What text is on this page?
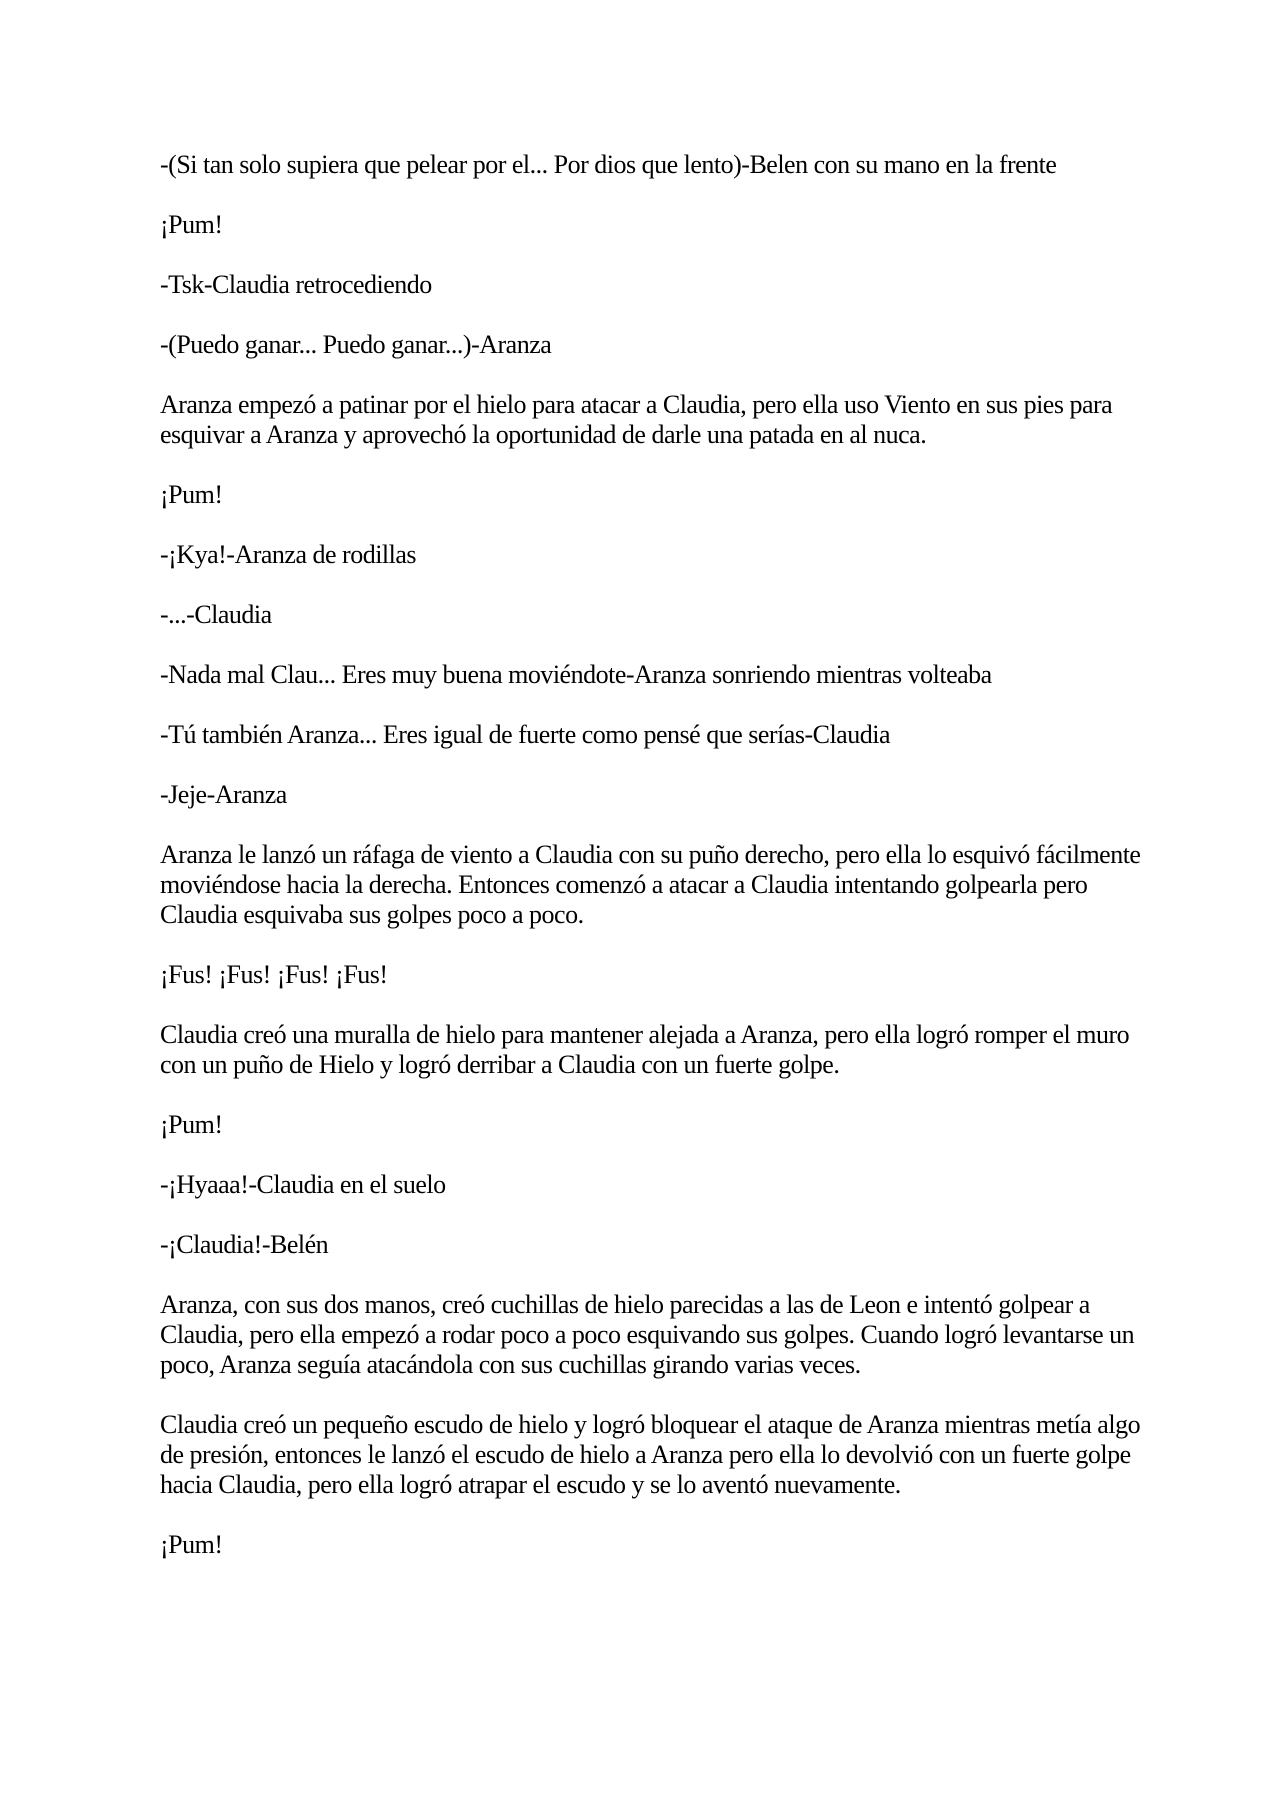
-(Si tan solo supiera que pelear por el... Por dios que lento)-Belen con su mano en la frente

¡Pum!

-Tsk-Claudia retrocediendo

-(Puedo ganar... Puedo ganar...)-Aranza

Aranza empezó a patinar por el hielo para atacar a Claudia, pero ella uso Viento en sus pies para esquivar a Aranza y aprovechó la oportunidad de darle una patada en al nuca.

¡Pum!

-¡Kya!-Aranza de rodillas

-...-Claudia

-Nada mal Clau... Eres muy buena moviéndote-Aranza sonriendo mientras volteaba

-Tú también Aranza... Eres igual de fuerte como pensé que serías-Claudia

-Jeje-Aranza

Aranza le lanzó un ráfaga de viento a Claudia con su puño derecho, pero ella lo esquivó fácilmente moviéndose hacia la derecha. Entonces comenzó a atacar a Claudia intentando golpearla pero Claudia esquivaba sus golpes poco a poco.

¡Fus! ¡Fus! ¡Fus! ¡Fus!

Claudia creó una muralla de hielo para mantener alejada a Aranza, pero ella logró romper el muro con un puño de Hielo y logró derribar a Claudia con un fuerte golpe.

¡Pum!

-¡Hyaaa!-Claudia en el suelo

-¡Claudia!-Belén

Aranza, con sus dos manos, creó cuchillas de hielo parecidas a las de Leon e intentó golpear a Claudia, pero ella empezó a rodar poco a poco esquivando sus golpes. Cuando logró levantarse un poco, Aranza seguía atacándola con sus cuchillas girando varias veces.

Claudia creó un pequeño escudo de hielo y logró bloquear el ataque de Aranza mientras metía algo de presión, entonces le lanzó el escudo de hielo a Aranza pero ella lo devolvió con un fuerte golpe hacia Claudia, pero ella logró atrapar el escudo y se lo aventó nuevamente.

¡Pum!
